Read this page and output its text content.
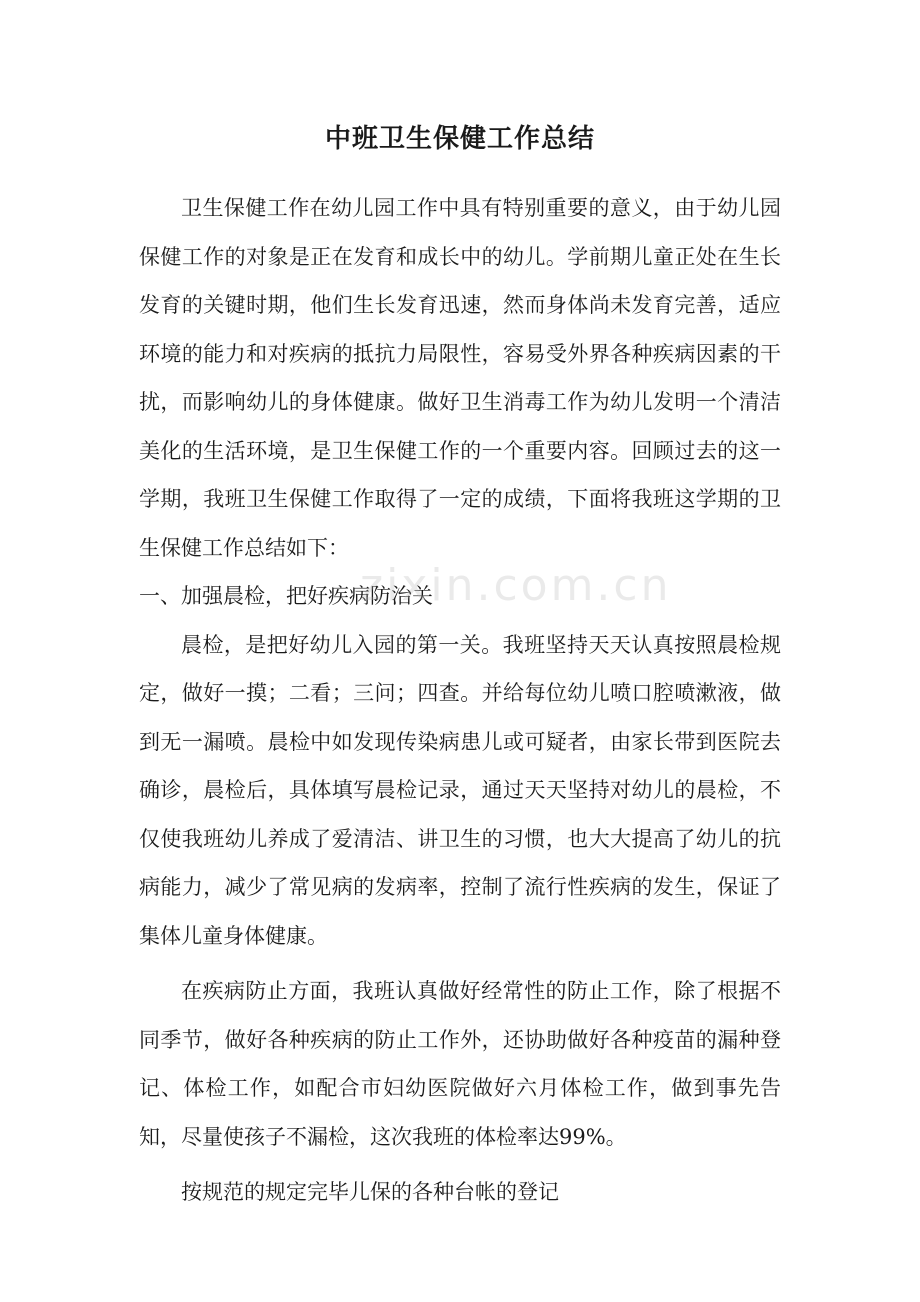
中班卫生保健工作总结

卫生保健工作在幼儿园工作中具有特别重要的意义，由于幼儿园保健工作的对象是正在发育和成长中的幼儿。学前期儿童正处在生长发育的关键时期，他们生长发育迅速，然而身体尚未发育完善，适应环境的能力和对疾病的抵抗力局限性，容易受外界各种疾病因素的干扰，而影响幼儿的身体健康。做好卫生消毒工作为幼儿发明一个清洁美化的生活环境，是卫生保健工作的一个重要内容。回顾过去的这一学期，我班卫生保健工作取得了一定的成绩，下面将我班这学期的卫生保健工作总结如下：

一、加强晨检，把好疾病防治关

晨检，是把好幼儿入园的第一关。我班坚持天天认真按照晨检规定，做好一摸；二看；三问；四查。并给每位幼儿喷口腔喷漱液，做到无一漏喷。晨检中如发现传染病患儿或可疑者，由家长带到医院去确诊，晨检后，具体填写晨检记录，通过天天坚持对幼儿的晨检，不仅使我班幼儿养成了爱清洁、讲卫生的习惯，也大大提高了幼儿的抗病能力，减少了常见病的发病率，控制了流行性疾病的发生，保证了集体儿童身体健康。

在疾病防止方面，我班认真做好经常性的防止工作，除了根据不同季节，做好各种疾病的防止工作外，还协助做好各种疫苗的漏种登记、体检工作，如配合市妇幼医院做好六月体检工作，做到事先告知，尽量使孩子不漏检，这次我班的体检率达99%。

按规范的规定完毕儿保的各种台帐的登记

zixin.com.cn
